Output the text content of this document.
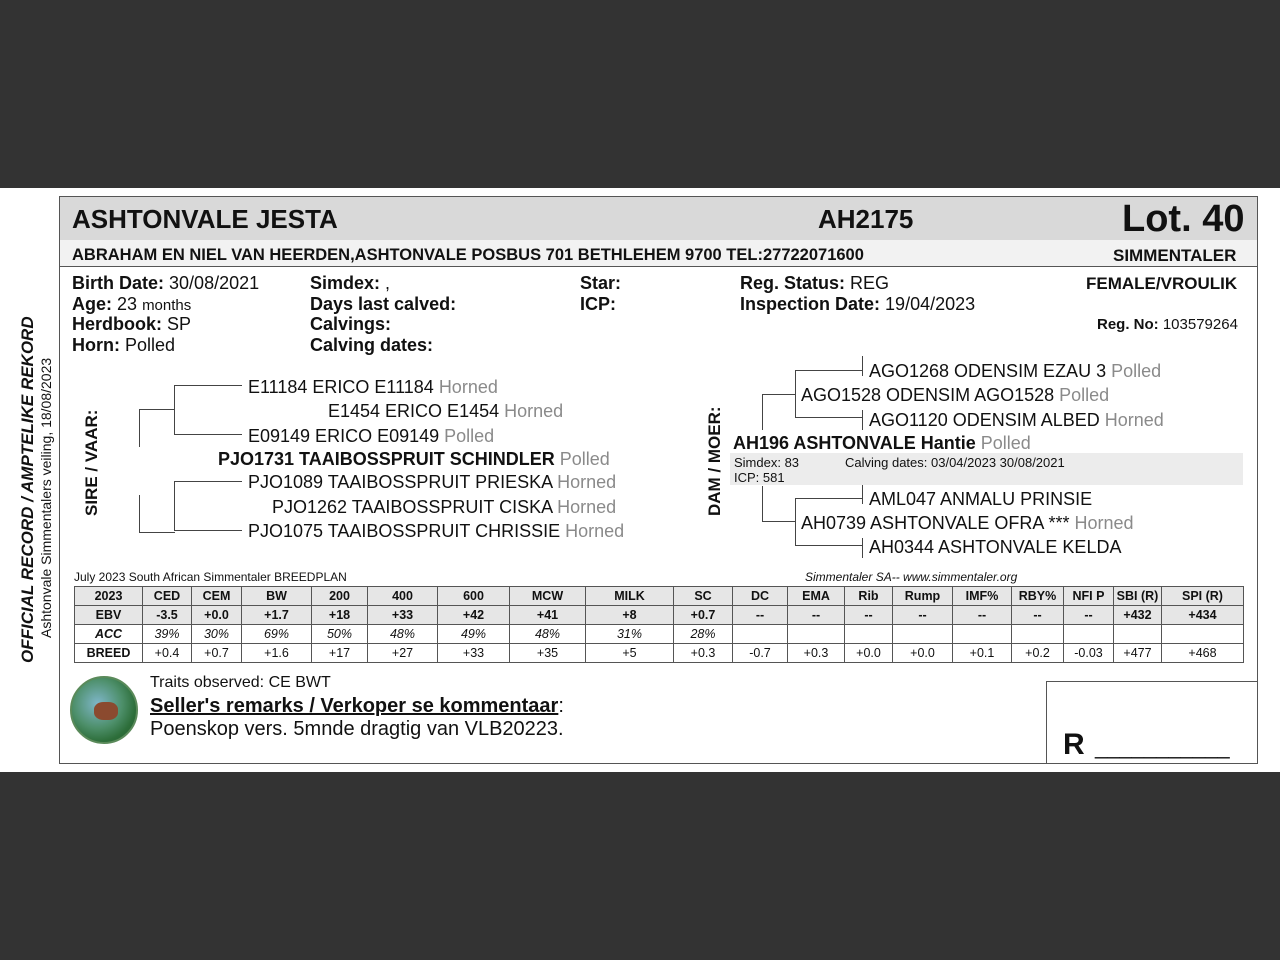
ASHTONVALE JESTA	AH2175	Lot. 40
ABRAHAM EN NIEL VAN HEERDEN,ASHTONVALE POSBUS 701 BETHLEHEM 9700 TEL:27722071600	SIMMENTALER
OFFICIAL RECORD / AMPTELIKE REKORD Ashtonvale Simmentalers veiling, 18/08/2023
Birth Date: 30/08/2021
Age: 23 months
Herdbook: SP
Horn: Polled
Simdex: ,
Days last calved:
Calvings:
Calving dates:
Star:
ICP:
Reg. Status: REG
Inspection Date: 19/04/2023
FEMALE/VROULIK
Reg. No: 103579264
SIRE / VAAR:
E11184 ERICO E11184 Horned
E1454 ERICO E1454 Horned
E09149 ERICO E09149 Polled
PJO1731 TAAIBOSSPRUIT SCHINDLER Polled
PJO1089 TAAIBOSSPRUIT PRIESKA Horned
PJO1262 TAAIBOSSPRUIT CISKA Horned
PJO1075 TAAIBOSSPRUIT CHRISSIE Horned
DAM / MOER:
AGO1268 ODENSIM EZAU 3 Polled
AGO1528 ODENSIM AGO1528 Polled
AGO1120 ODENSIM ALBED Horned
AH196 ASHTONVALE Hantie Polled
Simdex: 83	Calving dates: 03/04/2023 30/08/2021
ICP: 581
AML047 ANMALU PRINSIE
AH0739 ASHTONVALE OFRA *** Horned
AH0344 ASHTONVALE KELDA
July 2023 South African Simmentaler BREEDPLAN	Simmentaler SA-- www.simmentaler.org
2023	CED	CEM	BW	200	400	600	MCW	MILK	SC	DC	EMA	Rib	Rump	IMF%	RBY%	NFI P	SBI (R)	SPI (R)
EBV	-3.5	+0.0	+1.7	+18	+33	+42	+41	+8	+0.7	--	--	--	--	--	--	--	+432	+434
ACC	39%	30%	69%	50%	48%	49%	48%	31%	28%									
BREED	+0.4	+0.7	+1.6	+17	+27	+33	+35	+5	+0.3	-0.7	+0.3	+0.0	+0.0	+0.1	+0.2	-0.03	+477	+468
Traits observed: CE BWT
Seller's remarks / Verkoper se kommentaar:
Poenskop vers. 5mnde dragtig van VLB20223.	R ___________
